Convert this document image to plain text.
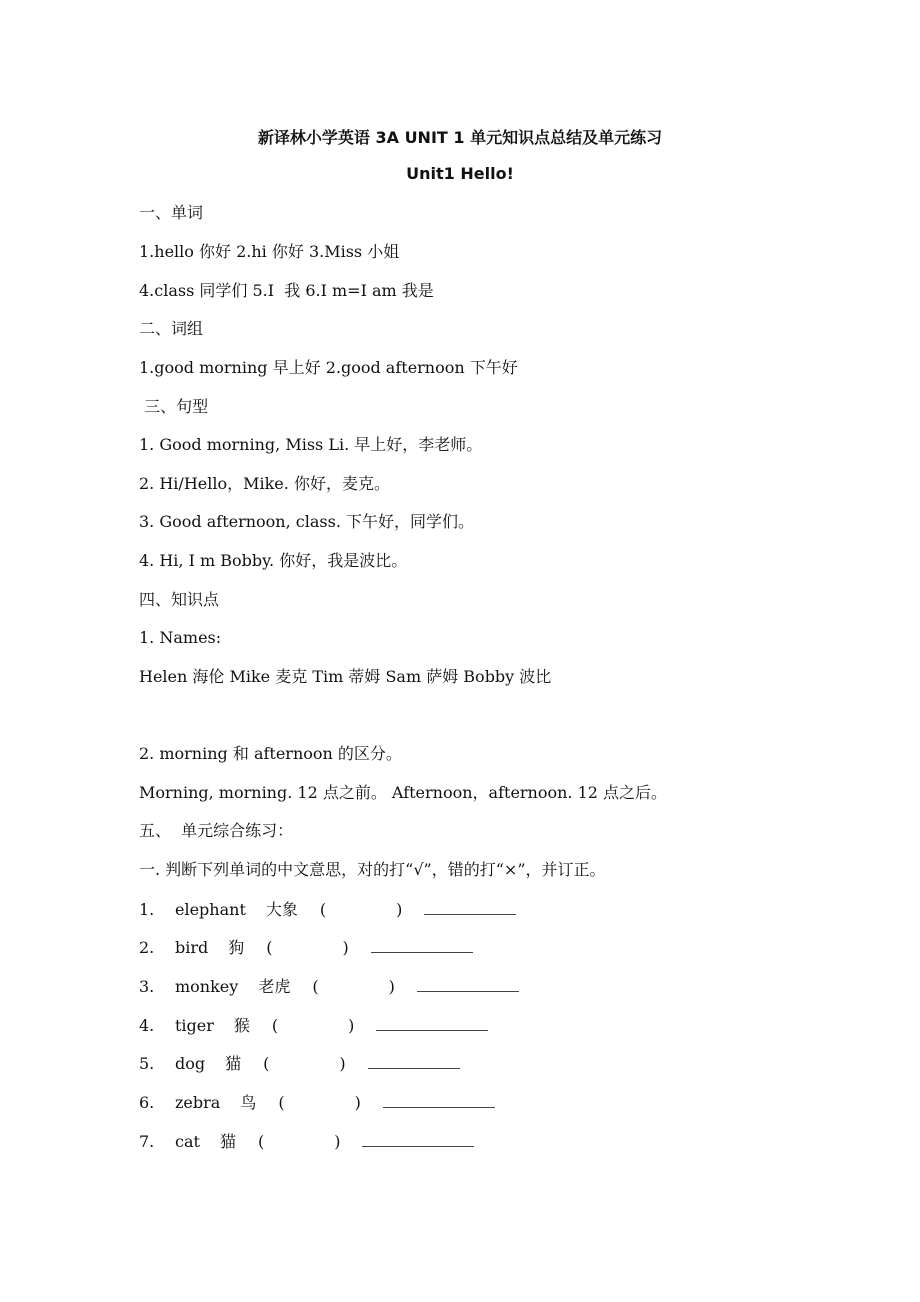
新译林小学英语 3A UNIT 1 单元知识点总结及单元练习
Unit1 Hello!
一、单词
1.hello 你好 2.hi 你好 3.Miss 小姐
4.class 同学们 5.I  我 6.I m=I am 我是
二、词组
1.good morning 早上好 2.good afternoon 下午好
三、句型
1. Good morning, Miss Li. 早上好，李老师。
2. Hi/Hello，Mike. 你好，麦克。
3. Good afternoon, class. 下午好，同学们。
4. Hi, I m Bobby. 你好，我是波比。
四、知识点
1. Names:
Helen 海伦 Mike 麦克 Tim 蒂姆 Sam 萨姆 Bobby 波比
2. morning 和 afternoon 的区分。
Morning, morning. 12 点之前。 Afternoon，afternoon. 12 点之后。
五、  单元综合练习：
一. 判断下列单词的中文意思，对的打“√”，错的打“×”，并订正。
1. elephant 大象 (	)
2. bird 狗 (	)
3. monkey 老虎 (	)
4. tiger 猴 (	)
5. dog 猫 (	)
6. zebra 鸟 (	)
7. cat 猫 (	)
